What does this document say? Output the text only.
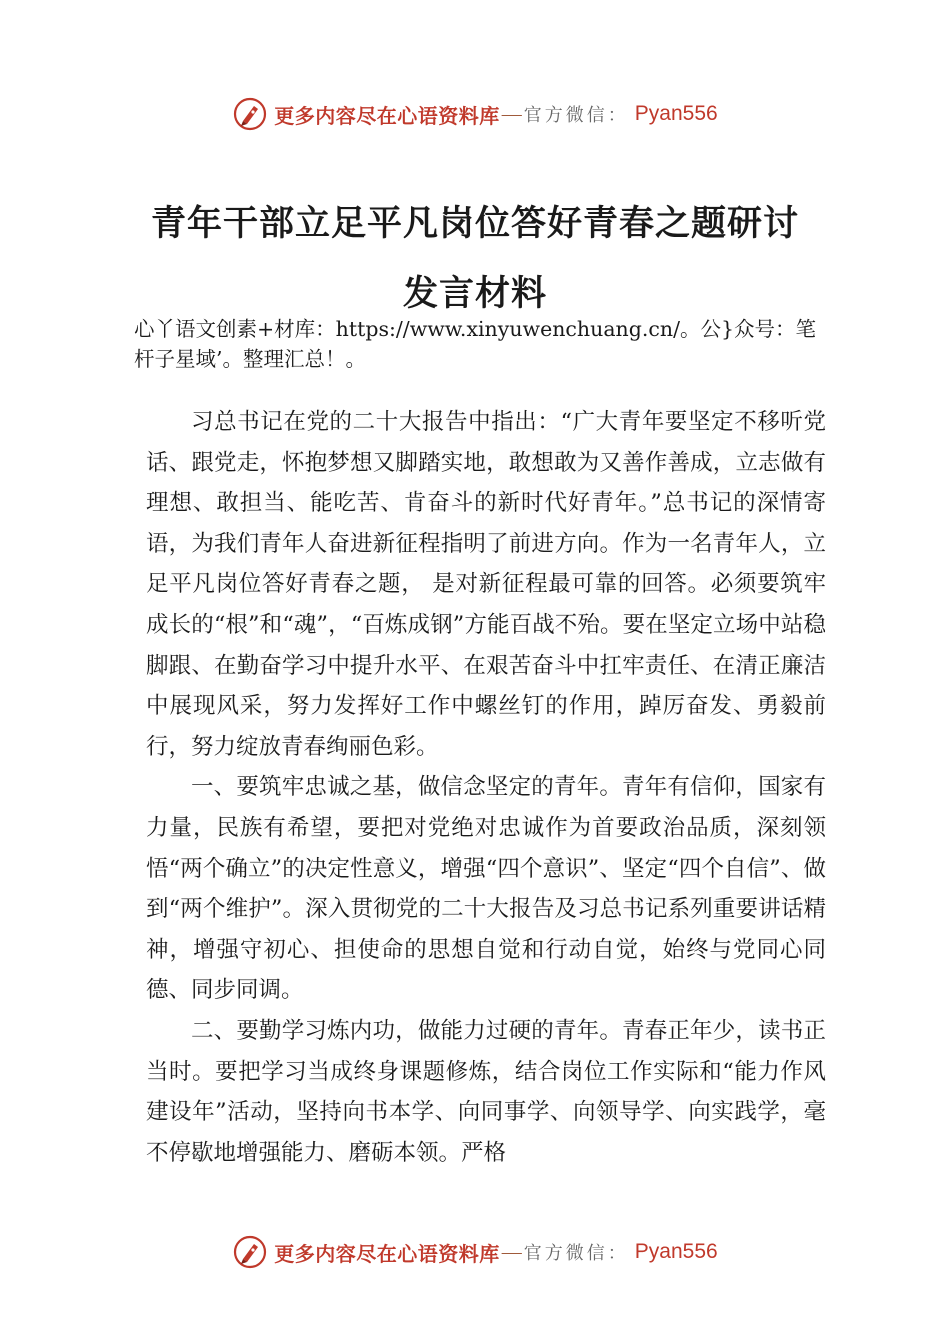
更多内容尽在心语资料库 — 官方微信： Pyan556
青年干部立足平凡岗位答好青春之题研讨
发言材料
心丫语文创素+材库：https://www.xinyuwenchuang.cn/。公}众号：笔杆子星域’。整理汇总！。

习总书记在党的二十大报告中指出：“广大青年要坚定不移听党话、跟党走，怀抱梦想又脚踏实地，敢想敢为又善作善成，立志做有理想、敢担当、能吃苦、肯奋斗的新时代好青年。”总书记的深情寄语，为我们青年人奋进新征程指明了前进方向。作为一名青年人，立足平凡岗位答好青春之题， 是对新征程最可靠的回答。必须要筑牢成长的“根”和“魂”，“百炼成钢”方能百战不殆。要在坚定立场中站稳脚跟、在勤奋学习中提升水平、在艰苦奋斗中扛牢责任、在清正廉洁中展现风采，努力发挥好工作中螺丝钉的作用，踔厉奋发、勇毅前行，努力绽放青春绚丽色彩。

一、要筑牢忠诚之基，做信念坚定的青年。青年有信仰，国家有力量，民族有希望，要把对党绝对忠诚作为首要政治品质，深刻领悟“两个确立”的决定性意义，增强“四个意识”、坚定“四个自信”、做到“两个维护”。深入贯彻党的二十大报告及习总书记系列重要讲话精神，增强守初心、担使命的思想自觉和行动自觉，始终与党同心同德、同步同调。

二、要勤学习炼内功，做能力过硬的青年。青春正年少，读书正当时。要把学习当成终身课题修炼，结合岗位工作实际和“能力作风建设年”活动，坚持向书本学、向同事学、向领导学、向实践学，毫不停歇地增强能力、磨砺本领。严格

更多内容尽在心语资料库 — 官方微信： Pyan556
